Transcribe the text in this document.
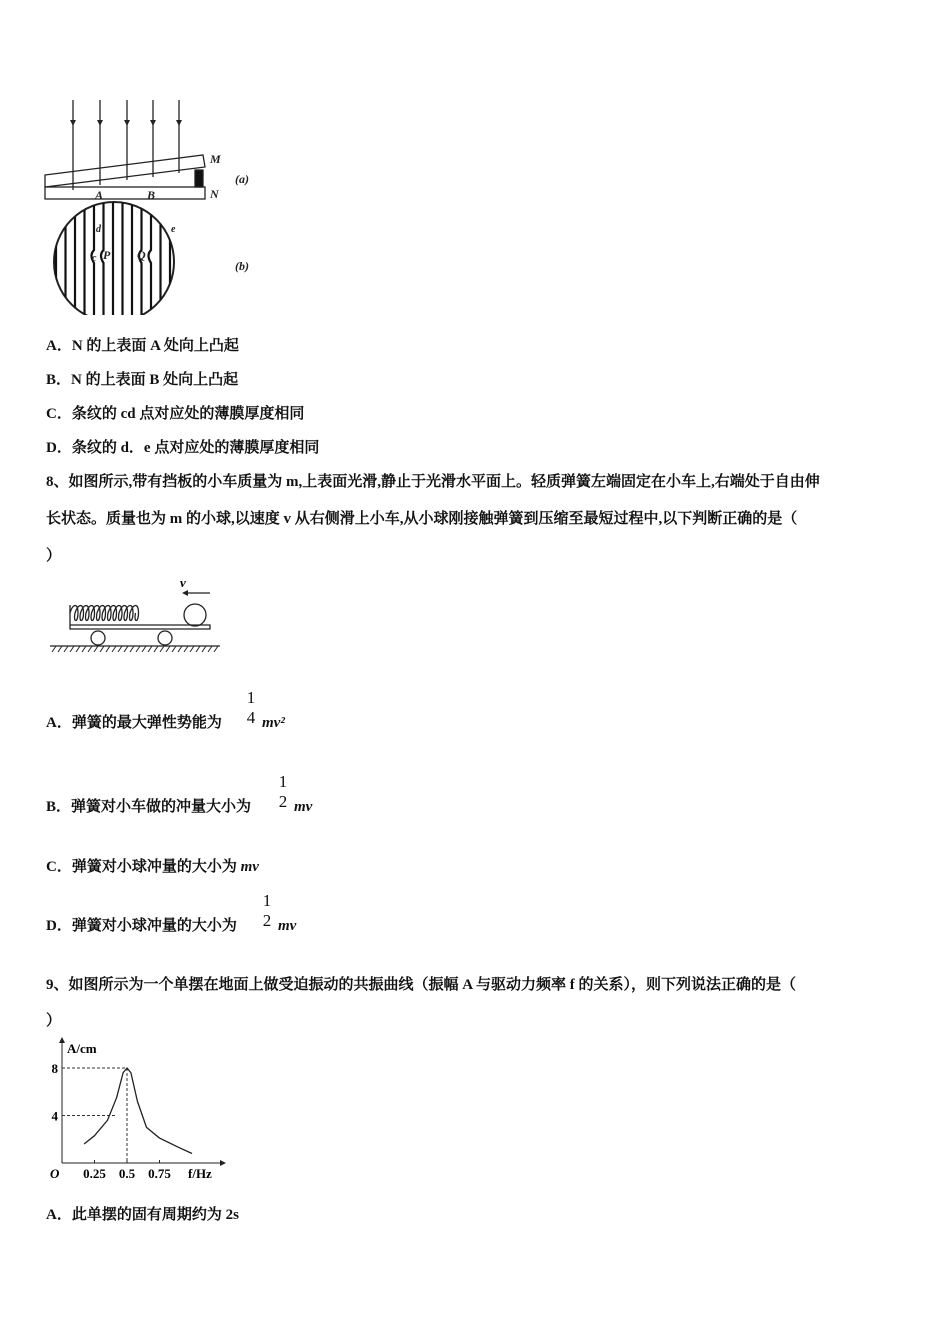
M
N
A	B
P Q
c
d	e
(a)
(b)
A．N 的上表面 A 处向上凸起
B．N 的上表面 B 处向上凸起
C．条纹的 cd 点对应处的薄膜厚度相同
D．条纹的 d．e 点对应处的薄膜厚度相同
8、如图所示,带有挡板的小车质量为 m,上表面光滑,静止于光滑水平面上。轻质弹簧左端固定在小车上,右端处于自由伸
长状态。质量也为 m 的小球,以速度 v 从右侧滑上小车,从小球刚接触弹簧到压缩至最短过程中,以下判断正确的是（
）
v
A．弹簧的最大弹性势能为
1
4 mv²
B．弹簧对小车做的冲量大小为
1
2 mv
C．弹簧对小球冲量的大小为 mv
D．弹簧对小球冲量的大小为
1
2 mv
9、如图所示为一个单摆在地面上做受迫振动的共振曲线（振幅 A 与驱动力频率 f 的关系），则下列说法正确的是（
）
0.25 0.5 0.75
4
8
O
A/cm
f/Hz
A．此单摆的固有周期约为 2s
